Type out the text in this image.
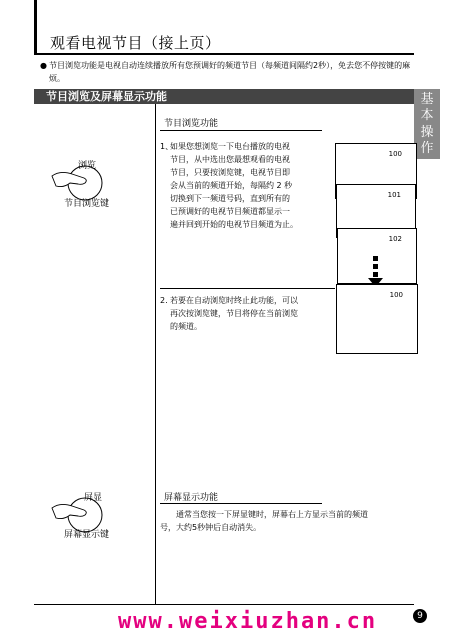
观看电视节目（接上页）
● 节目浏览功能是电视自动连续播放所有您预调好的频道节目（每频道间隔约2秒），免去您不停按键的麻烦。
节目浏览及屏幕显示功能	基
本
操
作
浏览
节目浏览键
节目浏览功能
1、
如果您想浏览一下电台播放的电视
节目，从中选出您最想观看的电视
节目，只要按浏览键，电视节目即
会从当前的频道开始，每隔约 2 秒
切换到下一频道号码，直到所有的
已预调好的电视节目频道都显示一
遍并回到开始的电视节目频道为止。
2. 若要在自动浏览时终止此功能，可以
再次按浏览键，节目将停在当前浏览
的频道。
100
101
102
100
屏显
屏幕显示键
屏幕显示功能
通常当您按一下屏显键时，屏幕右上方显示当前的频道
号，大约5秒钟后自动消失。
www.weixiuzhan.cn	9
